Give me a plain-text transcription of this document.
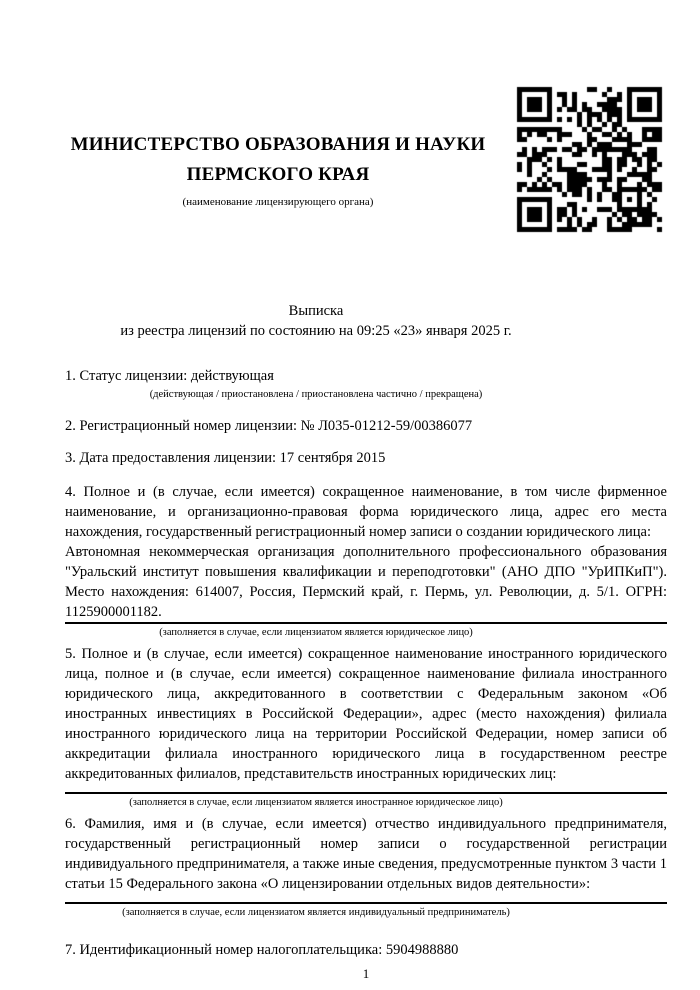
МИНИСТЕРСТВО ОБРАЗОВАНИЯ И НАУКИ
ПЕРМСКОГО КРАЯ
(наименование лицензирующего органа)
Выписка
из реестра лицензий по состоянию на 09:25 «23» января 2025 г.

1. Статус лицензии: действующая

(действующая / приостановлена / приостановлена частично / прекращена)

2. Регистрационный номер лицензии: № Л035-01212-59/00386077

3. Дата предоставления лицензии: 17 сентября 2015

4. Полное и (в случае, если имеется) сокращенное наименование, в том числе фирменное наименование, и организационно-правовая форма юридического лица, адрес его места нахождения, государственный регистрационный номер записи о создании юридического лица:

Автономная некоммерческая организация дополнительного профессионального образования "Уральский институт повышения квалификации и переподготовки" (АНО ДПО "УрИПКиП"). Место нахождения: 614007, Россия, Пермский край, г. Пермь, ул. Революции, д. 5/1. ОГРН: 1125900001182.
(заполняется в случае, если лицензиатом является юридическое лицо)

5. Полное и (в случае, если имеется) сокращенное наименование иностранного юридического лица, полное и (в случае, если имеется) сокращенное наименование филиала иностранного юридического лица, аккредитованного в соответствии с Федеральным законом «Об иностранных инвестициях в Российской Федерации», адрес (место нахождения) филиала иностранного юридического лица на территории Российской Федерации, номер записи об аккредитации филиала иностранного юридического лица в государственном реестре аккредитованных филиалов, представительств иностранных юридических лиц:

(заполняется в случае, если лицензиатом является иностранное юридическое лицо)

6. Фамилия, имя и (в случае, если имеется) отчество индивидуального предпринимателя, государственный регистрационный номер записи о государственной регистрации индивидуального предпринимателя, а также иные сведения, предусмотренные пунктом 3 части 1 статьи 15 Федерального закона «О лицензировании отдельных видов деятельности»:

(заполняется в случае, если лицензиатом является индивидуальный предприниматель)

7. Идентификационный номер налогоплательщика: 5904988880

1
